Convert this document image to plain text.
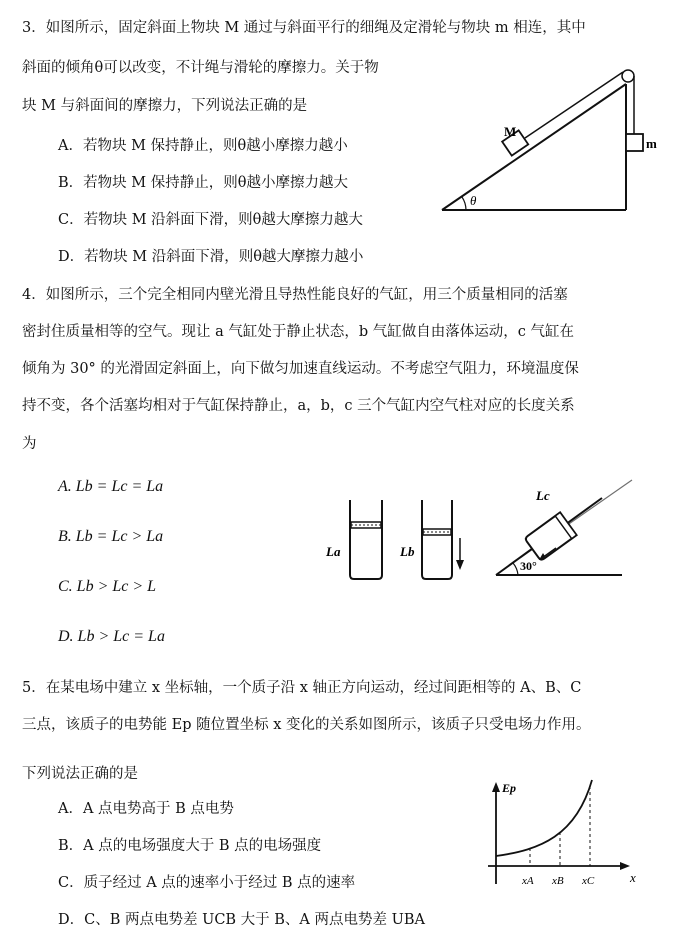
3．如图所示，固定斜面上物块 M 通过与斜面平行的细绳及定滑轮与物块 m 相连，其中
斜面的倾角θ可以改变，不计绳与滑轮的摩擦力。关于物
块 M 与斜面间的摩擦力，下列说法正确的是
A．若物块 M 保持静止，则θ越小摩擦力越小
B．若物块 M 保持静止，则θ越小摩擦力越大
C．若物块 M 沿斜面下滑，则θ越大摩擦力越大
D．若物块 M 沿斜面下滑，则θ越大摩擦力越小
M
m
θ
4．如图所示，三个完全相同内壁光滑且导热性能良好的气缸，用三个质量相同的活塞
密封住质量相等的空气。现让 a 气缸处于静止状态，b 气缸做自由落体运动，c 气缸在
倾角为 30° 的光滑固定斜面上，向下做匀加速直线运动。不考虑空气阻力，环境温度保
持不变，各个活塞均相对于气缸保持静止，a，b，c 三个气缸内空气柱对应的长度关系
为
A. Lb = Lc = La
B. Lb = Lc > La
C. Lb > Lc > L
D. Lb > Lc = La
La	Lb
30°
Lc
5．在某电场中建立 x 坐标轴，一个质子沿 x 轴正方向运动，经过间距相等的 A、B、C
三点，该质子的电势能 Ep 随位置坐标 x 变化的关系如图所示，该质子只受电场力作用。
下列说法正确的是
A．A 点电势高于 B 点电势
B．A 点的电场强度大于 B 点的电场强度
C．质子经过 A 点的速率小于经过 B 点的速率
D．C、B 两点电势差 UCB 大于 B、A 两点电势差 UBA
Ep
x
xA xB xC
